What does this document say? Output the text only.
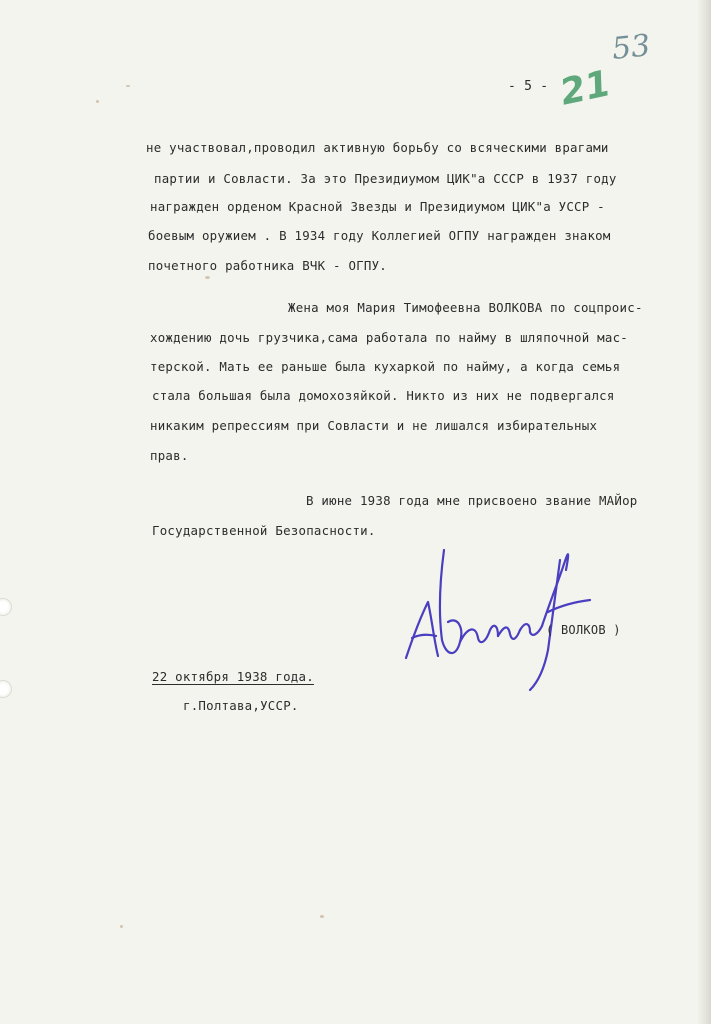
53
21
- 5 -
не участвовал,проводил активную борьбу со всяческими врагами
партии и Совласти. За это Президиумом ЦИК"а СССР в 1937 году
награжден орденом Красной Звезды и Президиумом ЦИК"а УССР -
боевым оружием . В 1934 году Коллегией ОГПУ награжден знаком
почетного работника ВЧК - ОГПУ.
Жена моя Мария Тимофеевна ВОЛКОВА по соцпроис-
хождению дочь грузчика,сама работала по найму в шляпочной мас-
терской. Мать ее раньше была кухаркой по найму, а когда семья
стала большая была домохозяйкой. Никто из них не подвергался
никаким репрессиям при Совласти и не лишался избирательных
прав.
В июне 1938 года мне присвоено звание МАЙор
Государственной Безопасности.
( ВОЛКОВ )
22 октября 1938 года.
г.Полтава,УССР.
